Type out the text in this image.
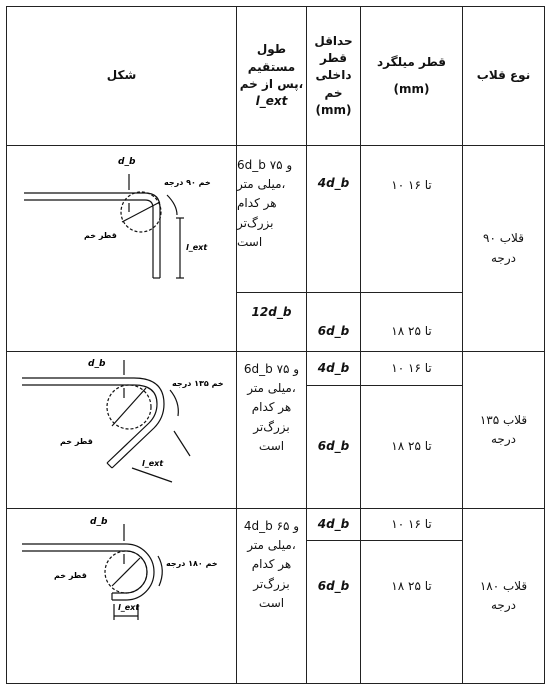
نوع قلاب
قطر میلگرد
(mm)
حداقل
قطر
داخلی
خم
(mm)
طول
مستقیم
پس از خم،
l_ext
شکل
قلاب ۹۰
درجه
۱۰ تا ۱۶
۱۸ تا ۲۵
4d_b
6d_b
6d_b و ۷۵
میلی متر،
هر کدام
بزرگ‌تر
است
12d_b
d_b
خم ۹۰ درجه
قطر خم
l_ext
قلاب ۱۳۵
درجه
۱۰ تا ۱۶
۱۸ تا ۲۵
4d_b
6d_b
6d_b و ۷۵
میلی متر،
هر کدام
بزرگ‌تر
است
d_b
خم ۱۳۵ درجه
قطر خم
l_ext
قلاب ۱۸۰
درجه
۱۰ تا ۱۶
۱۸ تا ۲۵
4d_b
6d_b
4d_b و ۶۵
میلی متر،
هر کدام
بزرگ‌تر
است
d_b
خم ۱۸۰ درجه
قطر خم
l_ext
